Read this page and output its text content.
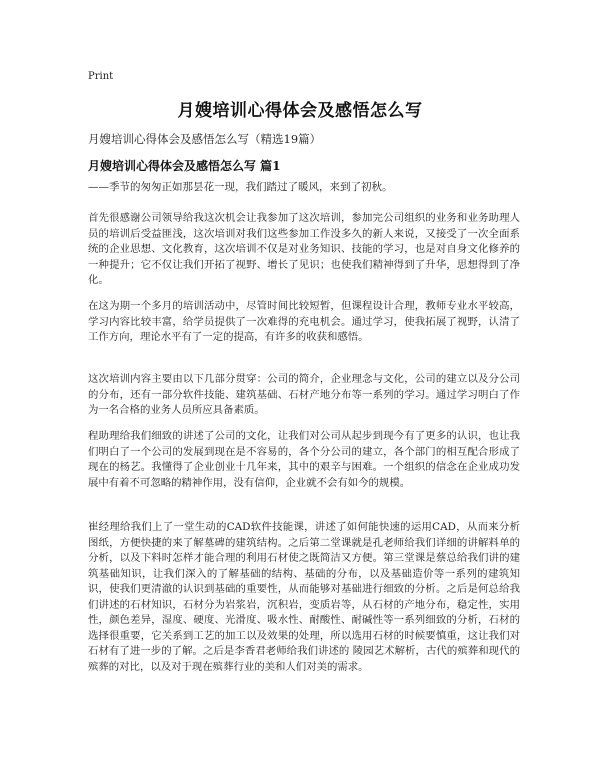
Print
月嫂培训心得体会及感悟怎么写
月嫂培训心得体会及感悟怎么写（精选19篇）
月嫂培训心得体会及感悟怎么写 篇1
——季节的匆匆正如那昙花一现，我们踏过了暖风，来到了初秋。
首先很感谢公司领导给我这次机会让我参加了这次培训，参加完公司组织的业务和业务助理人员的培训后受益匪浅，这次培训对我们这些参加工作没多久的新人来说，又接受了一次全面系统的企业思想、文化教育，这次培训不仅是对业务知识、技能的学习，也是对自身文化修养的一种提升；它不仅让我们开拓了视野、增长了见识；也使我们精神得到了升华，思想得到了净化。
在这为期一个多月的培训活动中，尽管时间比较短暂，但课程设计合理，教师专业水平较高，学习内容比较丰富，给学员提供了一次难得的充电机会。通过学习，使我拓展了视野，认清了工作方向，理论水平有了一定的提高，有许多的收获和感悟。
这次培训内容主要由以下几部分贯穿：公司的简介，企业理念与文化，公司的建立以及分公司的分布，还有一部分软件技能、建筑基础、石材产地分布等一系列的学习。通过学习明白了作为一名合格的业务人员所应具备素质。
程助理给我们细致的讲述了公司的文化，让我们对公司从起步到现今有了更多的认识，也让我们明白了一个公司的发展到现在是不容易的，各个分公司的建立，各个部门的相互配合形成了现在的杨艺。我懂得了企业创业十几年来，其中的艰辛与困难。一个组织的信念在企业成功发展中有着不可忽略的精神作用，没有信仰，企业就不会有如今的规模。
崔经理给我们上了一堂生动的CAD软件技能课，讲述了如何能快速的运用CAD，从而来分析图纸，方便快捷的来了解墓碑的建筑结构。之后第二堂课就是孔老师给我们详细的讲解料单的分析，以及下料时怎样才能合理的利用石材使之既简洁又方便。第三堂课是蔡总给我们讲的建筑基础知识，让我们深入的了解基础的结构、基础的分布，以及基础造价等一系列的建筑知识，使我们更清澈的认识到基础的重要性，从而能够对基础进行细致的分析。之后是何总给我们讲述的石材知识，石材分为岩浆岩，沉积岩，变质岩等，从石材的产地分布，稳定性，实用性，颜色差异，湿度、硬度、光滑度、吸水性、耐酸性、耐碱性等一系列细致的分析，石材的选择很重要，它关系到工艺的加工以及效果的处理，所以选用石材的时候要慎重，这让我们对石材有了进一步的了解。之后是李香君老师给我们讲述的 陵园艺术解析，古代的殡葬和现代的殡葬的对比，以及对于现在殡葬行业的美和人们对美的需求。
